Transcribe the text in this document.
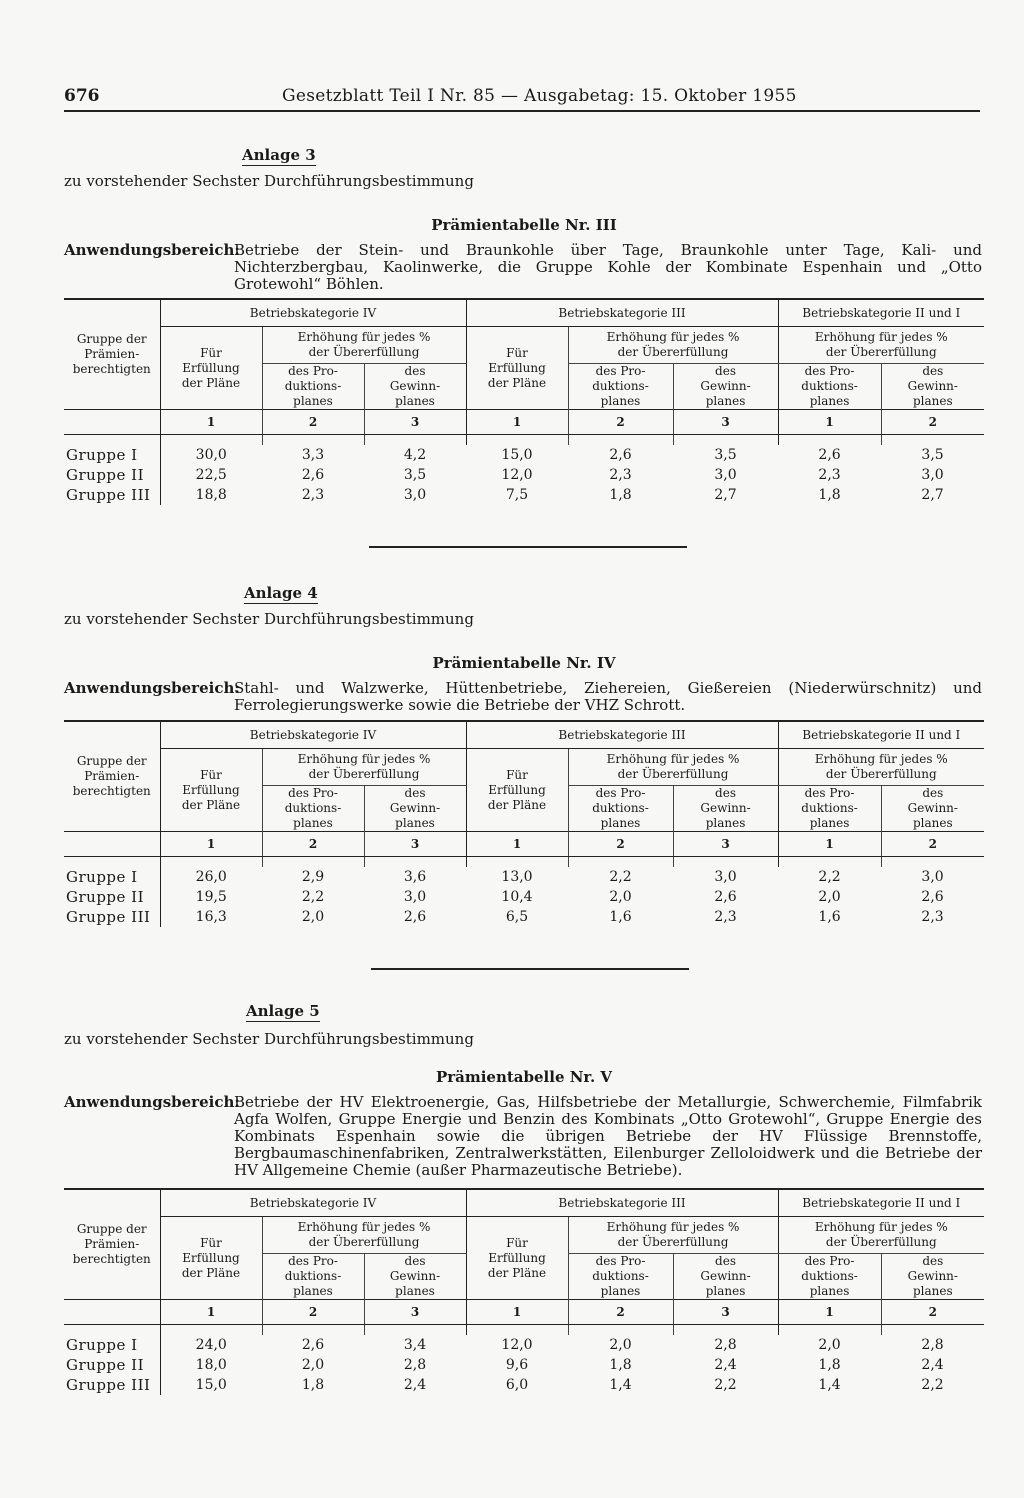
676	Gesetzblatt Teil I Nr. 85 — Ausgabetag: 15. Oktober 1955
Anlage 3
zu vorstehender Sechster Durchführungsbestimmung
Prämientabelle Nr. III
Anwendungsbereich:
Betriebe der Stein- und Braunkohle über Tage, Braunkohle unter Tage, Kali- und Nichterzbergbau, Kaolinwerke, die Gruppe Kohle der Kombinate Espenhain und „Otto Grotewohl“ Böhlen.
Gruppe der
Prämien-
berechtigten	Betriebskategorie IV			Betriebskategorie III			Betriebskategorie II und I	
	Für
Erfüllung
der Pläne	Erhöhung für jedes %
der Übererfüllung		Für
Erfüllung
der Pläne	Erhöhung für jedes %
der Übererfüllung		Erhöhung für jedes %
der Übererfüllung	
		des Pro-
duktions-
planes	des
Gewinn-
planes		des Pro-
duktions-
planes	des
Gewinn-
planes	des Pro-
duktions-
planes	des
Gewinn-
planes
	1	2	3	1	2	3	1	2

Gruppe I	30,0	3,3	4,2	15,0	2,6	3,5	2,6	3,5
Gruppe II	22,5	2,6	3,5	12,0	2,3	3,0	2,3	3,0
Gruppe III	18,8	2,3	3,0	7,5	1,8	2,7	1,8	2,7
Anlage 4
zu vorstehender Sechster Durchführungsbestimmung
Prämientabelle Nr. IV
Anwendungsbereich:
Stahl- und Walzwerke, Hüttenbetriebe, Ziehereien, Gießereien (Niederwürschnitz) und Ferrolegierungswerke sowie die Betriebe der VHZ Schrott.
Gruppe der
Prämien-
berechtigten	Betriebskategorie IV			Betriebskategorie III			Betriebskategorie II und I	
	Für
Erfüllung
der Pläne	Erhöhung für jedes %
der Übererfüllung		Für
Erfüllung
der Pläne	Erhöhung für jedes %
der Übererfüllung		Erhöhung für jedes %
der Übererfüllung	
		des Pro-
duktions-
planes	des
Gewinn-
planes		des Pro-
duktions-
planes	des
Gewinn-
planes	des Pro-
duktions-
planes	des
Gewinn-
planes
	1	2	3	1	2	3	1	2

Gruppe I	26,0	2,9	3,6	13,0	2,2	3,0	2,2	3,0
Gruppe II	19,5	2,2	3,0	10,4	2,0	2,6	2,0	2,6
Gruppe III	16,3	2,0	2,6	6,5	1,6	2,3	1,6	2,3
Anlage 5
zu vorstehender Sechster Durchführungsbestimmung
Prämientabelle Nr. V
Anwendungsbereich:
Betriebe der HV Elektroenergie, Gas, Hilfsbetriebe der Metallurgie, Schwerchemie, Filmfabrik Agfa Wolfen, Gruppe Energie und Benzin des Kombinats „Otto Grotewohl“, Gruppe Energie des Kombinats Espenhain sowie die übrigen Betriebe der HV Flüssige Brennstoffe, Bergbaumaschinenfabriken, Zentralwerkstätten, Eilenburger Zelloloidwerk und die Betriebe der HV Allgemeine Chemie (außer Pharmazeutische Betriebe).
Gruppe der
Prämien-
berechtigten	Betriebskategorie IV			Betriebskategorie III			Betriebskategorie II und I	
	Für
Erfüllung
der Pläne	Erhöhung für jedes %
der Übererfüllung		Für
Erfüllung
der Pläne	Erhöhung für jedes %
der Übererfüllung		Erhöhung für jedes %
der Übererfüllung	
		des Pro-
duktions-
planes	des
Gewinn-
planes		des Pro-
duktions-
planes	des
Gewinn-
planes	des Pro-
duktions-
planes	des
Gewinn-
planes
	1	2	3	1	2	3	1	2

Gruppe I	24,0	2,6	3,4	12,0	2,0	2,8	2,0	2,8
Gruppe II	18,0	2,0	2,8	9,6	1,8	2,4	1,8	2,4
Gruppe III	15,0	1,8	2,4	6,0	1,4	2,2	1,4	2,2
